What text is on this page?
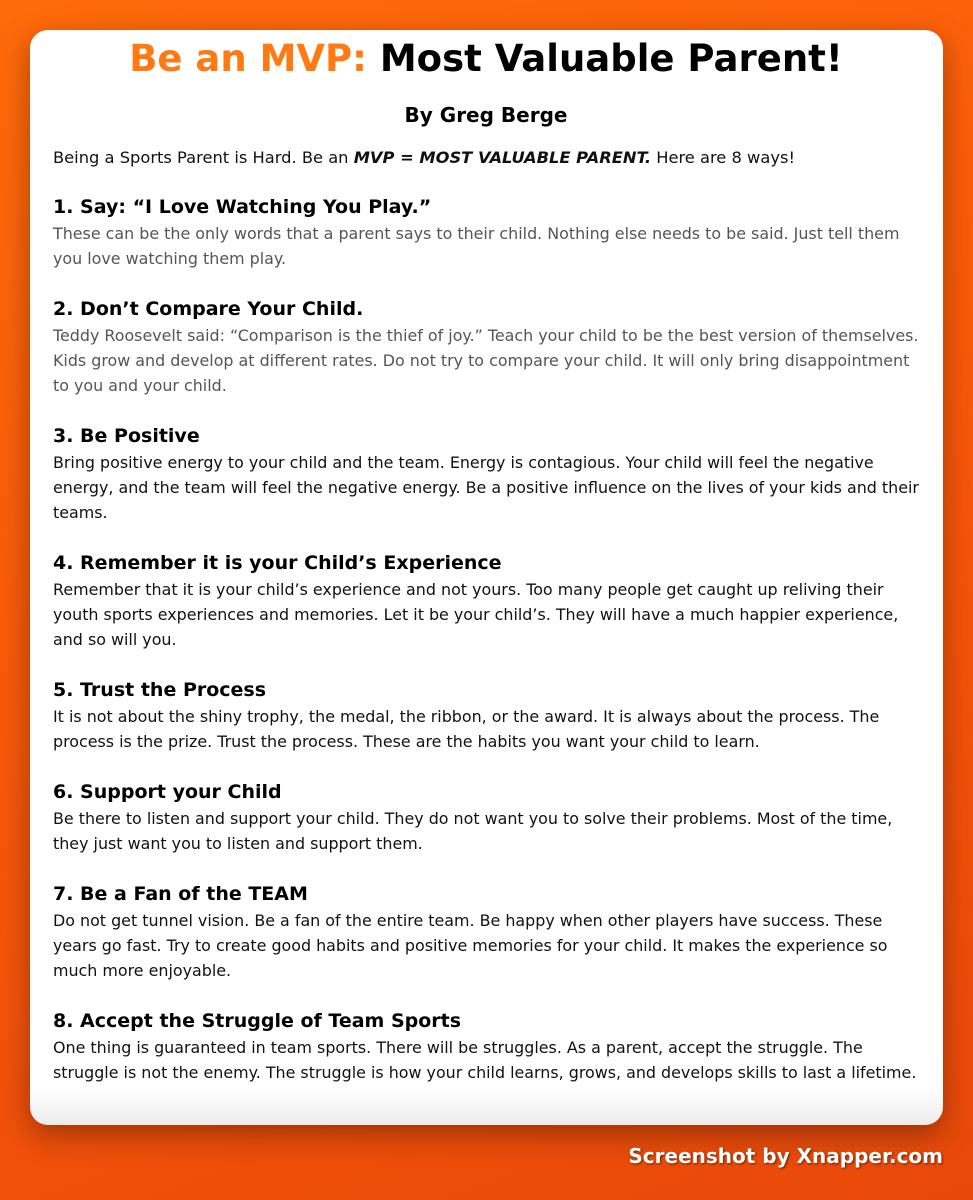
Be an MVP: Most Valuable Parent!
By Greg Berge
Being a Sports Parent is Hard. Be an MVP = MOST VALUABLE PARENT. Here are 8 ways!
1. Say: “I Love Watching You Play.”

These can be the only words that a parent says to their child. Nothing else needs to be said. Just tell them you love watching them play.

2. Don’t Compare Your Child.

Teddy Roosevelt said: “Comparison is the thief of joy.” Teach your child to be the best version of themselves. Kids grow and develop at different rates. Do not try to compare your child. It will only bring disappointment to you and your child.

3. Be Positive

Bring positive energy to your child and the team. Energy is contagious. Your child will feel the negative energy, and the team will feel the negative energy. Be a positive influence on the lives of your kids and their teams.

4. Remember it is your Child’s Experience

Remember that it is your child’s experience and not yours. Too many people get caught up reliving their youth sports experiences and memories. Let it be your child’s. They will have a much happier experience, and so will you.

5. Trust the Process

It is not about the shiny trophy, the medal, the ribbon, or the award. It is always about the process. The process is the prize. Trust the process. These are the habits you want your child to learn.

6. Support your Child

Be there to listen and support your child. They do not want you to solve their problems. Most of the time, they just want you to listen and support them.

7. Be a Fan of the TEAM

Do not get tunnel vision. Be a fan of the entire team. Be happy when other players have success. These years go fast. Try to create good habits and positive memories for your child. It makes the experience so much more enjoyable.

8. Accept the Struggle of Team Sports

One thing is guaranteed in team sports. There will be struggles. As a parent, accept the struggle. The struggle is not the enemy. The struggle is how your child learns, grows, and develops skills to last a lifetime.

Screenshot by Xnapper.com
